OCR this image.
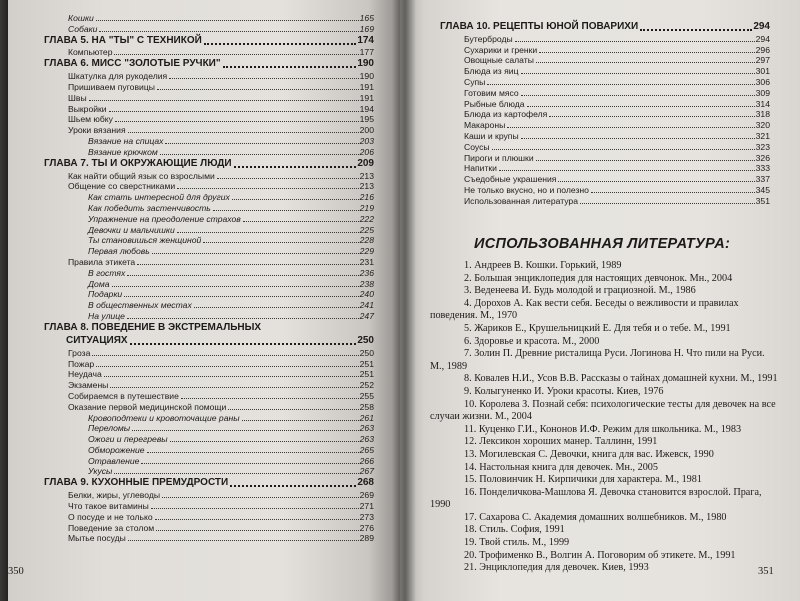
Кошки	165
Собаки	169
ГЛАВА 5. НА "ТЫ" С ТЕХНИКОЙ	174
Компьютер	177
ГЛАВА 6. МИСС "ЗОЛОТЫЕ РУЧКИ"	190
Шкатулка для рукоделия	190
Пришиваем пуговицы	191
Швы	191
Выкройки	194
Шьем юбку	195
Уроки вязания	200
Вязание на спицах	203
Вязание крючком	206
ГЛАВА 7. ТЫ И ОКРУЖАЮЩИЕ ЛЮДИ	209
Как найти общий язык со взрослыми	213
Общение со сверстниками	213
Как стать интересной для других	216
Как победить застенчивость	219
Упражнение на преодоление страхов	222
Девочки и мальчишки	225
Ты становишься женщиной	228
Первая любовь	229
Правила этикета	231
В гостях	236
Дома	238
Подарки	240
В общественных местах	241
На улице	247
ГЛАВА 8. ПОВЕДЕНИЕ В ЭКСТРЕМАЛЬНЫХ
СИТУАЦИЯХ	250
Гроза	250
Пожар	251
Неудача	251
Экзамены	252
Собираемся в путешествие	255
Оказание первой медицинской помощи	258
Кровоподтеки и кровоточащие раны	261
Переломы	263
Ожоги и перегревы	263
Обморожение	265
Отравление	266
Укусы	267
ГЛАВА 9. КУХОННЫЕ ПРЕМУДРОСТИ	268
Белки, жиры, углеводы	269
Что такое витамины	271
О посуде и не только	273
Поведение за столом	276
Мытье посуды	289
350
ГЛАВА 10. РЕЦЕПТЫ ЮНОЙ ПОВАРИХИ	294
Бутерброды	294
Сухарики и гренки	296
Овощные салаты	297
Блюда из яиц	301
Супы	306
Готовим мясо	309
Рыбные блюда	314
Блюда из картофеля	318
Макароны	320
Каши и крупы	321
Соусы	323
Пироги и плюшки	326
Напитки	333
Съедобные украшения	337
Не только вкусно, но и полезно	345
Использованная литература	351
ИСПОЛЬЗОВАННАЯ ЛИТЕРАТУРА:
1. Андреев В. Кошки. Горький, 1989
2. Большая энциклопедия для настоящих девчонок. Мн., 2004
3. Веденеева И. Будь молодой и грациозной. М., 1986
4. Дорохов А. Как вести себя. Беседы о вежливости и правилах поведения. М., 1970
5. Жариков Е., Крушельницкий Е. Для тебя и о тебе. М., 1991
6. Здоровье и красота. М., 2000
7. Золин П. Древние ристалища Руси. Логинова Н. Что пили на Руси. М., 1989
8. Ковалев Н.И., Усов В.В. Рассказы о тайнах домашней кухни. М., 1991
9. Колыгуненко И. Уроки красоты. Киев, 1976
10. Королева З. Познай себя: психологические тесты для девочек на все случаи жизни. М., 2004
11. Куценко Г.И., Кононов И.Ф. Режим для школьника. М., 1983
12. Лексикон хороших манер. Таллинн, 1991
13. Могилевская С. Девочки, книга для вас. Ижевск, 1990
14. Настольная книга для девочек. Мн., 2005
15. Половинчик Н. Кирпичики для характера. М., 1981
16. Понделичкова-Машлова Я. Девочка становится взрослой. Прага, 1990
17. Сахарова С. Академия домашних волшебников. М., 1980
18. Стиль. София, 1991
19. Твой стиль. М., 1999
20. Трофименко В., Волгин А. Поговорим об этикете. М., 1991
21. Энциклопедия для девочек. Киев, 1993	351
